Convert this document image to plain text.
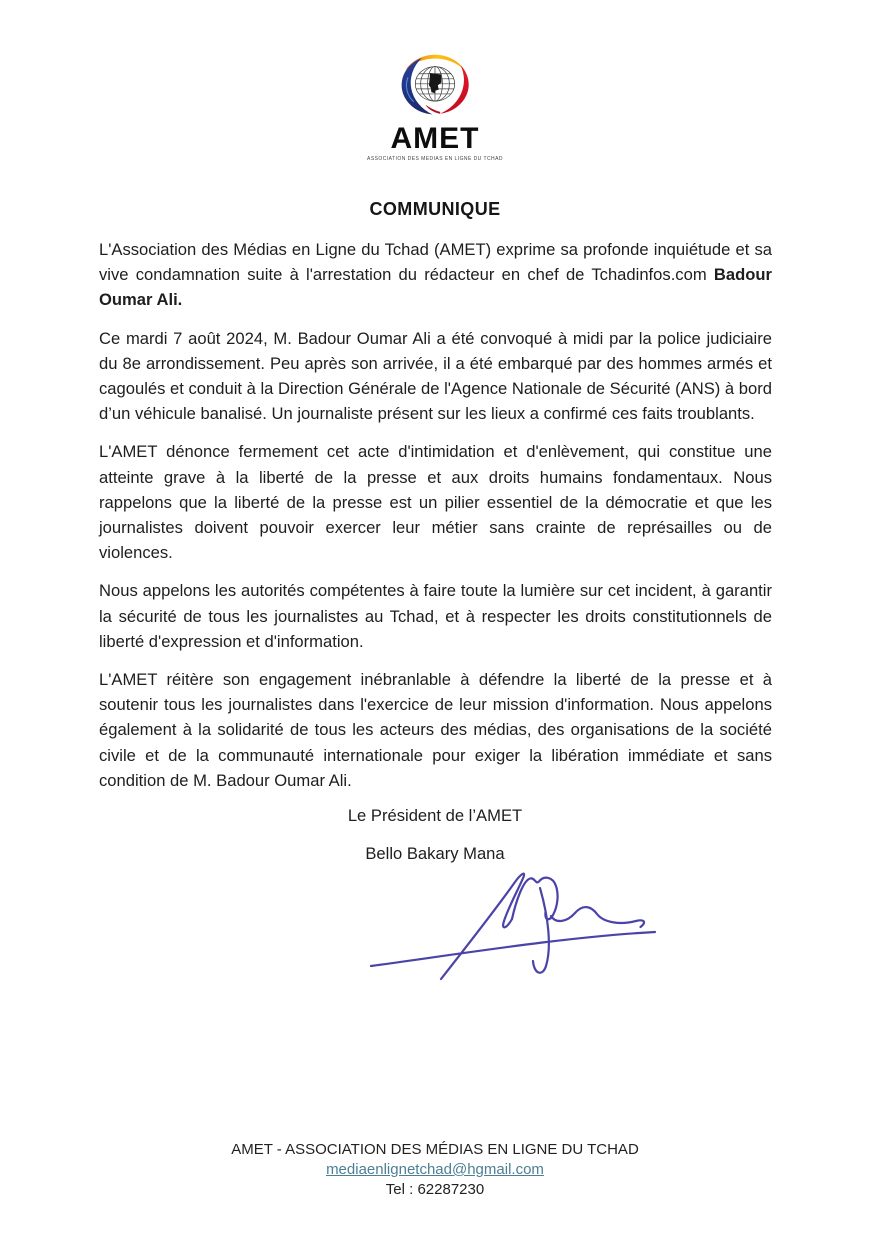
AMET
ASSOCIATION DES MEDIAS EN LIGNE DU TCHAD
COMMUNIQUE

L'Association des Médias en Ligne du Tchad (AMET) exprime sa profonde inquiétude et sa vive condamnation suite à l'arrestation du rédacteur en chef de Tchadinfos.com Badour Oumar Ali.

Ce mardi 7 août 2024, M. Badour Oumar Ali a été convoqué à midi par la police judiciaire du 8e arrondissement. Peu après son arrivée, il a été embarqué par des hommes armés et cagoulés et conduit à la Direction Générale de l'Agence Nationale de Sécurité (ANS) à bord d’un véhicule banalisé. Un journaliste présent sur les lieux a confirmé ces faits troublants.

L'AMET dénonce fermement cet acte d'intimidation et d'enlèvement, qui constitue une atteinte grave à la liberté de la presse et aux droits humains fondamentaux. Nous rappelons que la liberté de la presse est un pilier essentiel de la démocratie et que les journalistes doivent pouvoir exercer leur métier sans crainte de représailles ou de violences.

Nous appelons les autorités compétentes à faire toute la lumière sur cet incident, à garantir la sécurité de tous les journalistes au Tchad, et à respecter les droits constitutionnels de liberté d'expression et d'information.

L'AMET réitère son engagement inébranlable à défendre la liberté de la presse et à soutenir tous les journalistes dans l'exercice de leur mission d'information. Nous appelons également à la solidarité de tous les acteurs des médias, des organisations de la société civile et de la communauté internationale pour exiger la libération immédiate et sans condition de M. Badour Oumar Ali.

Le Président de l’AMET
Bello Bakary Mana
AMET - ASSOCIATION DES MÉDIAS EN LIGNE DU TCHAD
mediaenlignetchad@hgmail.com
Tel : 62287230
